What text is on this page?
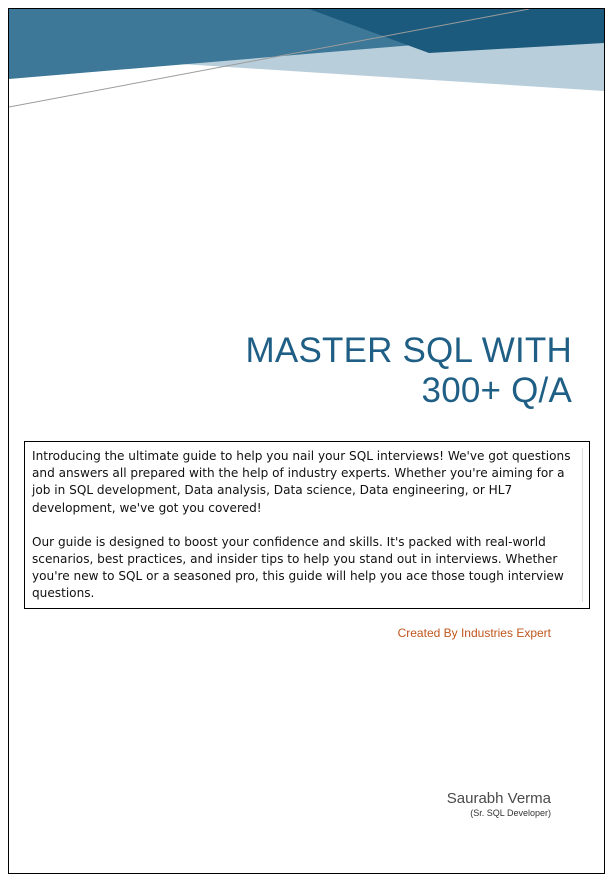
MASTER SQL WITH
300+ Q/A

Introducing the ultimate guide to help you nail your SQL interviews! We've got questions and answers all prepared with the help of industry experts. Whether you're aiming for a job in SQL development, Data analysis, Data science, Data engineering, or HL7 development, we've got you covered!

Our guide is designed to boost your confidence and skills. It's packed with real-world scenarios, best practices, and insider tips to help you stand out in interviews. Whether you're new to SQL or a seasoned pro, this guide will help you ace those tough interview questions.

Created By Industries Expert
Saurabh Verma
(Sr. SQL Developer)
